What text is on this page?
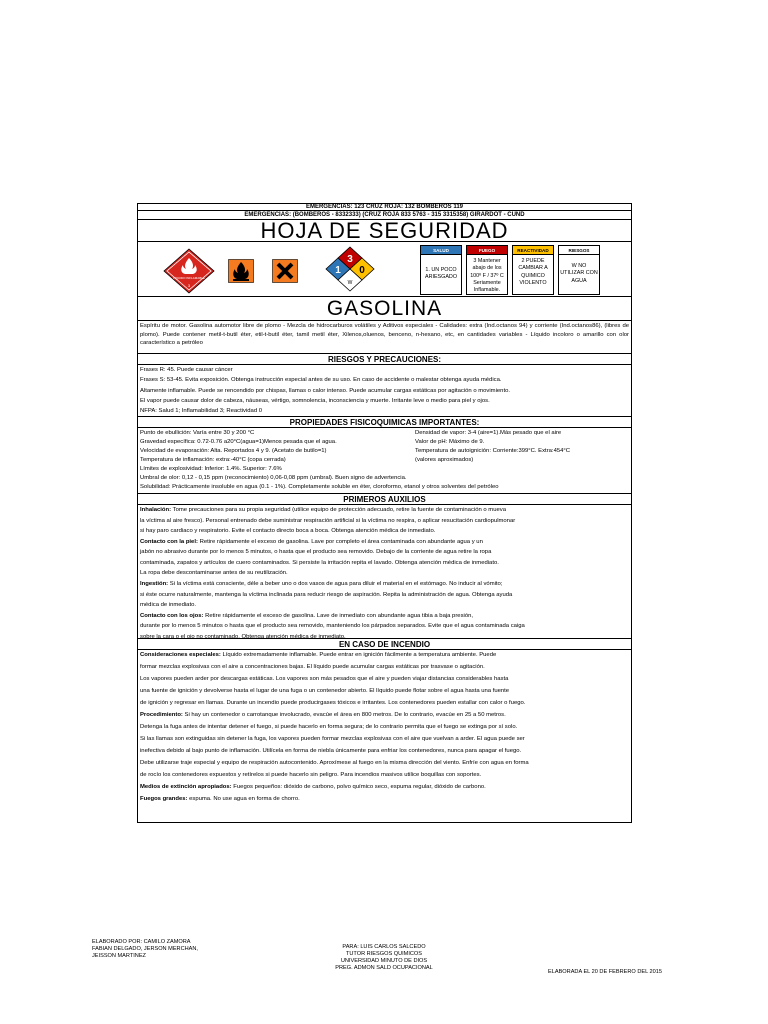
EMERGENCIAS: 123 CRUZ ROJA: 132 BOMBEROS 119
EMERGENCIAS: (BOMBEROS - 8332333) (CRUZ ROJA 833 5763 - 315 3315358) GIRARDOT - CUND
HOJA DE SEGURIDAD
LIQUIDO INFLAMABLE
3
3
1 0
W
SALUD
1. UN POCO ARIESGADO
FUEGO
3 Mantener abajo de los 100º F / 37º C Seriamente Inflamable.
REACTIVIDAD
2 PUEDE CAMBIAR A QUIMICO VIOLENTO
RIESGOS
W NO UTILIZAR CON AGUA
GASOLINA
Espíritu de motor. Gasolina automotor libre de plomo - Mezcla de hidrocarburos volátiles y Aditivos especiales - Calidades: extra (Ind.octanos 94) y corriente (Ind.octanos86), (libres de plomo). Puede contener metil-t-butil éter, etil-t-butil éter, tamil metil éter, Xilenos,oluenos, benceno, n-hexano, etc, en cantidades variables - Líquido incoloro o amarillo con olor característico a petróleo
RIESGOS Y PRECAUCIONES:
Frases R: 45. Puede causar cáncer
Frases S: 53-45. Evita exposición. Obtenga instrucción especial antes de su uso. En caso de accidente o malestar obtenga ayuda médica.
Altamente inflamable. Puede se rencendido por chispas, llamas o calor intenso. Puede acumular cargas estáticas por agitación o movimiento.
El vapor puede causar dolor de cabeza, náuseas, vértigo, somnolencia, inconsciencia y muerte. Irritante leve o medio para piel y ojos.
NFPA: Salud 1; Inflamabilidad 3; Reactividad 0
PROPIEDADES FISICOQUIMICAS IMPORTANTES:
Punto de ebullición: Varía entre 30 y 200 °C
Gravedad específica: 0.72-0.76 a20°C(agua=1)Menos pesada que el agua.
Velocidad de evaporación: Alta. Reportados 4 y 9. (Acetato de butilo=1)
Temperatura de inflamación: extra:-40°C (copa cerrada)
Densidad de vapor: 3-4 (aire=1).Más pesado que el aire
Valor de pH: Máximo de 9.
Temperatura de autoignición: Corriente:399°C. Extra:454°C
(valores aproximados)
Límites de explosividad: Inferior: 1.4%. Superior: 7.6%
Umbral de olor: 0,12 - 0,15 ppm (reconocimiento) 0,06-0,08 ppm (umbral). Buen signo de advertencia.
Solubilidad: Prácticamente insoluble en agua (0.1 - 1%). Completamente soluble en éter, cloroformo, etanol y otros solventes del petróleo
PRIMEROS AUXILIOS
Inhalación: Tome precauciones para su propia seguridad (utilice equipo de protección adecuado, retire la fuente de contaminación o mueva
la víctima al aire fresco). Personal entrenado debe suministrar respiración artificial si la víctima no respira, o aplicar resucitación cardiopulmonar
si hay paro cardiaco y respiratorio. Evite el contacto directo boca a boca. Obtenga atención médica de inmediato.
Contacto con la piel: Retire rápidamente el exceso de gasolina. Lave por completo el área contaminada con abundante agua y un
jabón no abrasivo durante por lo menos 5 minutos, o hasta que el producto sea removido. Debajo de la corriente de agua retire la ropa
contaminada, zapatos y artículos de cuero contaminados. Si persiste la irritación repita el lavado. Obtenga atención médica de inmediato.
La ropa debe descontaminarse antes de su reutilización.
Ingestión: Si la víctima está consciente, déle a beber uno o dos vasos de agua para diluir el material en el estómago. No inducir al vómito;
si éste ocurre naturalmente, mantenga la víctima inclinada para reducir riesgo de aspiración. Repita la administración de agua. Obtenga ayuda
médica de inmediato.
Contacto con los ojos: Retire rápidamente el exceso de gasolina. Lave de inmediato con abundante agua tibia a baja presión,
durante por lo menos 5 minutos o hasta que el producto sea removido, manteniendo los párpados separados. Evite que el agua contaminada caiga
sobre la cara o el ojo no contaminado. Obtenga atención médica de inmediato.
EN CASO DE INCENDIO
Consideraciones especiales: Líquido extremadamente inflamable. Puede entrar en ignición fácilmente a temperatura ambiente. Puede
formar mezclas explosivas con el aire a concentraciones bajas. El líquido puede acumular cargas estáticas por trasvase o agitación.
Los vapores pueden arder por descargas estáticas. Los vapores son más pesados que el aire y pueden viajar distancias considerables hasta
una fuente de ignición y devolverse hasta el lugar de una fuga o un contenedor abierto. El líquido puede flotar sobre el agua hasta una fuente
de ignición y regresar en llamas. Durante un incendio puede producirgases tóxicos e irritantes. Los contenedores pueden estallar con calor o fuego.
Procedimiento: Si hay un contenedor o carrotanque involucrado, evacúe el área en 800 metros. De lo contrario, evacúe en 25 a 50 metros.
Detenga la fuga antes de intentar detener el fuego, si puede hacerlo en forma segura; de lo contrario permita que el fuego se extinga por sí solo.
Si las llamas son extinguidas sin detener la fuga, los vapores pueden formar mezclas explosivas con el aire que vuelvan a arder. El agua puede ser
inefectiva debido al bajo punto de inflamación. Utilícela en forma de niebla únicamente para enfriar los contenedores, nunca para apagar el fuego.
Debe utilizarse traje especial y equipo de respiración autocontenido. Aproxímese al fuego en la misma dirección del viento. Enfríe con agua en forma
de rocío los contenedores expuestos y retírelos si puede hacerlo sin peligro. Para incendios masivos utilice boquillas con soportes.
Medios de extinción apropiados: Fuegos pequeños: dióxido de carbono, polvo químico seco, espuma regular, dióxido de carbono.
Fuegos grandes: espuma. No use agua en forma de chorro.
ELABORADO POR: CAMILO ZAMORA
FABIAN DELGADO, JERSON MERCHAN,
JEISSON MARTINEZ
PARA: LUIS CARLOS SALCEDO
TUTOR RIESGOS QUIMICOS
UNIVERSIDAD MINUTO DE DIOS
PREG. ADMON SALD OCUPACIONAL
ELABORADA EL 20 DE FEBRERO DEL 2015
